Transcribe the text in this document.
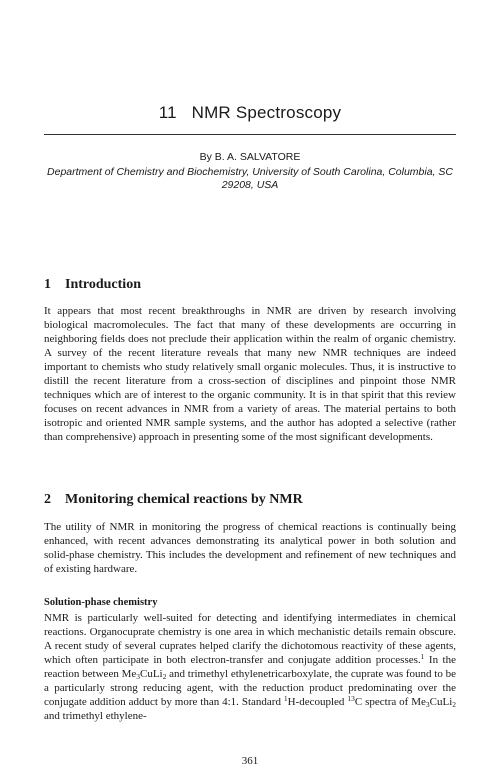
11 NMR Spectroscopy
By B. A. SALVATORE
Department of Chemistry and Biochemistry, University of South Carolina, Columbia, SC 29208, USA
1 Introduction

It appears that most recent breakthroughs in NMR are driven by research involving biological macromolecules. The fact that many of these developments are occurring in neighboring fields does not preclude their application within the realm of organic chemistry. A survey of the recent literature reveals that many new NMR techniques are indeed important to chemists who study relatively small organic molecules. Thus, it is instructive to distill the recent literature from a cross-section of disciplines and pinpoint those NMR techniques which are of interest to the organic community. It is in that spirit that this review focuses on recent advances in NMR from a variety of areas. The material pertains to both isotropic and oriented NMR sample systems, and the author has adopted a selective (rather than comprehensive) approach in presenting some of the most significant developments.

2 Monitoring chemical reactions by NMR

The utility of NMR in monitoring the progress of chemical reactions is continually being enhanced, with recent advances demonstrating its analytical power in both solution and solid-phase chemistry. This includes the development and refinement of new techniques and of existing hardware.

Solution-phase chemistry

NMR is particularly well-suited for detecting and identifying intermediates in chemical reactions. Organocuprate chemistry is one area in which mechanistic details remain obscure. A recent study of several cuprates helped clarify the dichotomous reactivity of these agents, which often participate in both electron-transfer and conjugate addition processes.$^1$ In the reaction between $Me_3CuLi_2$ and trimethyl ethylenetricarboxylate, the cuprate was found to be a particularly strong reducing agent, with the reduction product predominating over the conjugate addition adduct by more than 4:1. Standard $^1$H-decoupled $^{13}$C spectra of $Me_3CuLi_2$ and trimethyl ethylene-

361
